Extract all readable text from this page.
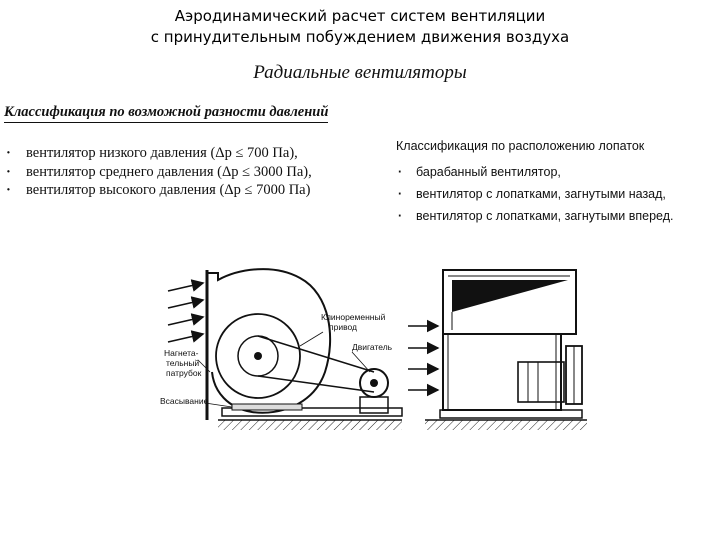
Аэродинамический расчет систем вентиляции
с принудительным побуждением движения воздуха
Радиальные вентиляторы
Классификация по возможной разности давлений
· вентилятор низкого давления (Δp ≤ 700 Па),
· вентилятор среднего давления (Δp ≤ 3000 Па),
· вентилятор высокого давления (Δp ≤ 7000 Па)
Классификация по расположению лопаток
· барабанный вентилятор,
· вентилятор с лопатками, загнутыми назад,
· вентилятор с лопатками, загнутыми вперед.
Клиноременный
привод
Двигатель
Нагнета-
тельный
патрубок
Всасывание
